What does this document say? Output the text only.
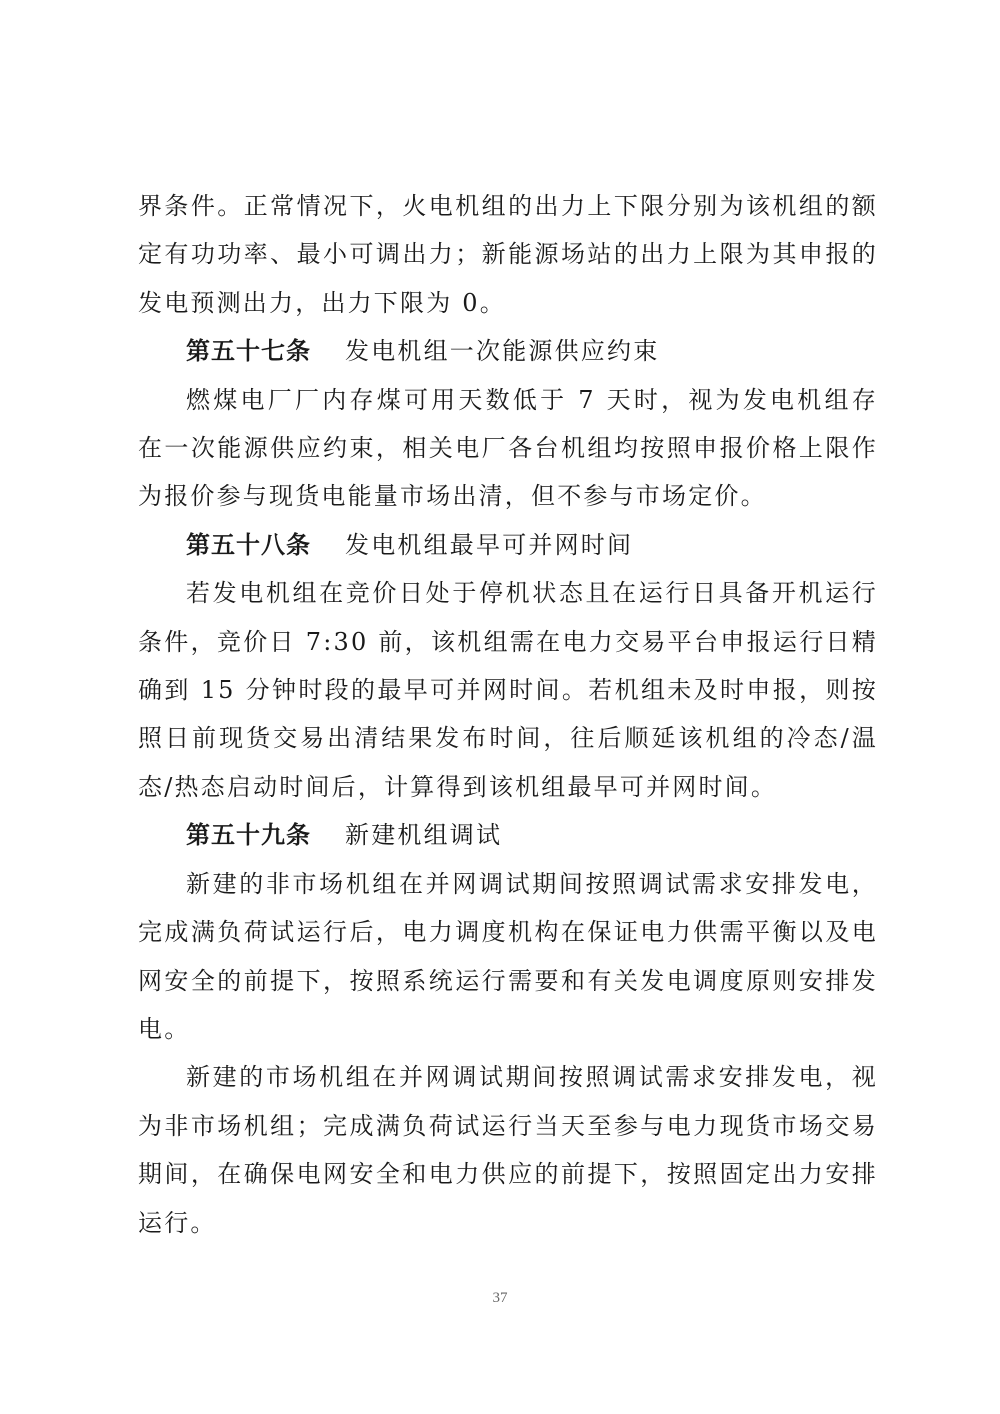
界条件。正常情况下，火电机组的出力上下限分别为该机组的额定有功功率、最小可调出力；新能源场站的出力上限为其申报的发电预测出力，出力下限为 0。

第五十七条 发电机组一次能源供应约束

燃煤电厂厂内存煤可用天数低于 7 天时，视为发电机组存在一次能源供应约束，相关电厂各台机组均按照申报价格上限作为报价参与现货电能量市场出清，但不参与市场定价。

第五十八条 发电机组最早可并网时间

若发电机组在竞价日处于停机状态且在运行日具备开机运行条件，竞价日 7:30 前，该机组需在电力交易平台申报运行日精确到 15 分钟时段的最早可并网时间。若机组未及时申报，则按照日前现货交易出清结果发布时间，往后顺延该机组的冷态/温态/热态启动时间后，计算得到该机组最早可并网时间。

第五十九条 新建机组调试

新建的非市场机组在并网调试期间按照调试需求安排发电，完成满负荷试运行后，电力调度机构在保证电力供需平衡以及电网安全的前提下，按照系统运行需要和有关发电调度原则安排发电。

新建的市场机组在并网调试期间按照调试需求安排发电，视为非市场机组；完成满负荷试运行当天至参与电力现货市场交易期间，在确保电网安全和电力供应的前提下，按照固定出力安排运行。

37
